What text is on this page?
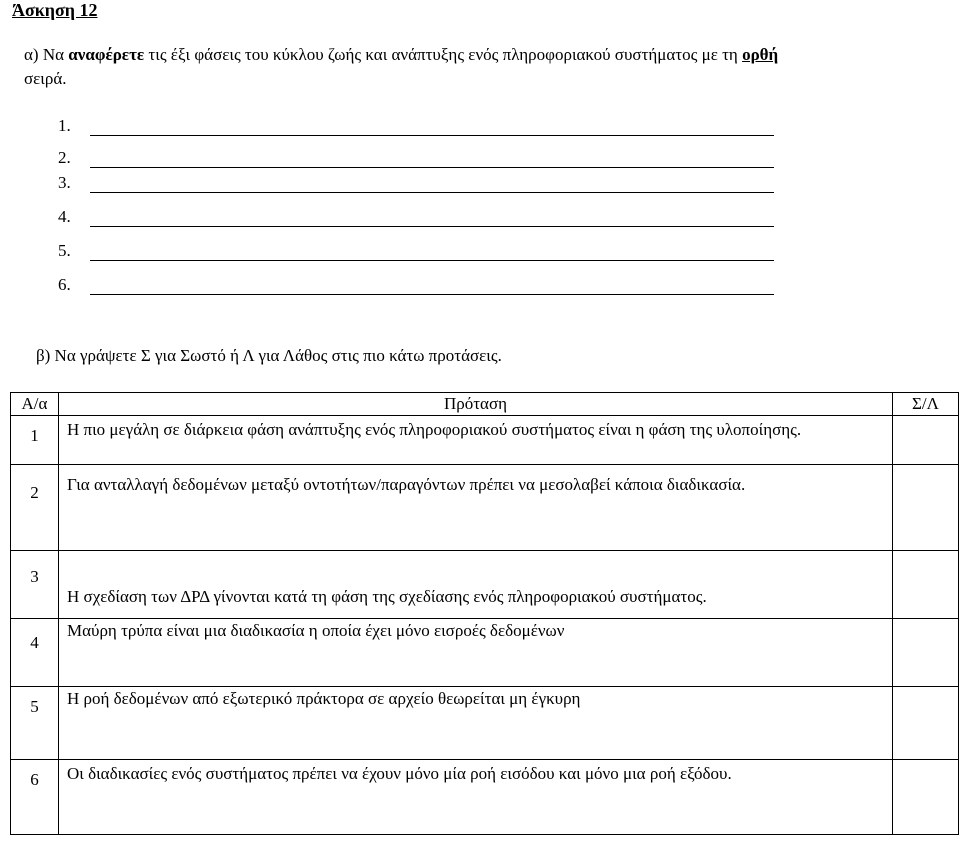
Άσκηση 12
α) Να αναφέρετε τις έξι φάσεις του κύκλου ζωής και ανάπτυξης ενός πληροφοριακού συστήματος με τη ορθή
σειρά.
1.
2.
3.
4.
5.
6.
β) Να γράψετε Σ για Σωστό ή Λ για Λάθος στις πιο κάτω προτάσεις.
Α/α	Πρόταση	Σ/Λ

1	Η πιο μεγάλη σε διάρκεια φάση ανάπτυξης ενός πληροφοριακού συστήματος είναι η φάση της υλοποίησης.	

2	Για ανταλλαγή δεδομένων μεταξύ οντοτήτων/παραγόντων πρέπει να μεσολαβεί κάποια διαδικασία.	

3	Η σχεδίαση των ΔΡΔ γίνονται κατά τη φάση της σχεδίασης ενός πληροφοριακού συστήματος.	

4	Μαύρη τρύπα είναι μια διαδικασία η οποία έχει μόνο εισροές δεδομένων	

5	Η ροή δεδομένων από εξωτερικό πράκτορα σε αρχείο θεωρείται μη έγκυρη	

6	Οι διαδικασίες ενός συστήματος πρέπει να έχουν μόνο μία ροή εισόδου και μόνο μια ροή εξόδου.	
